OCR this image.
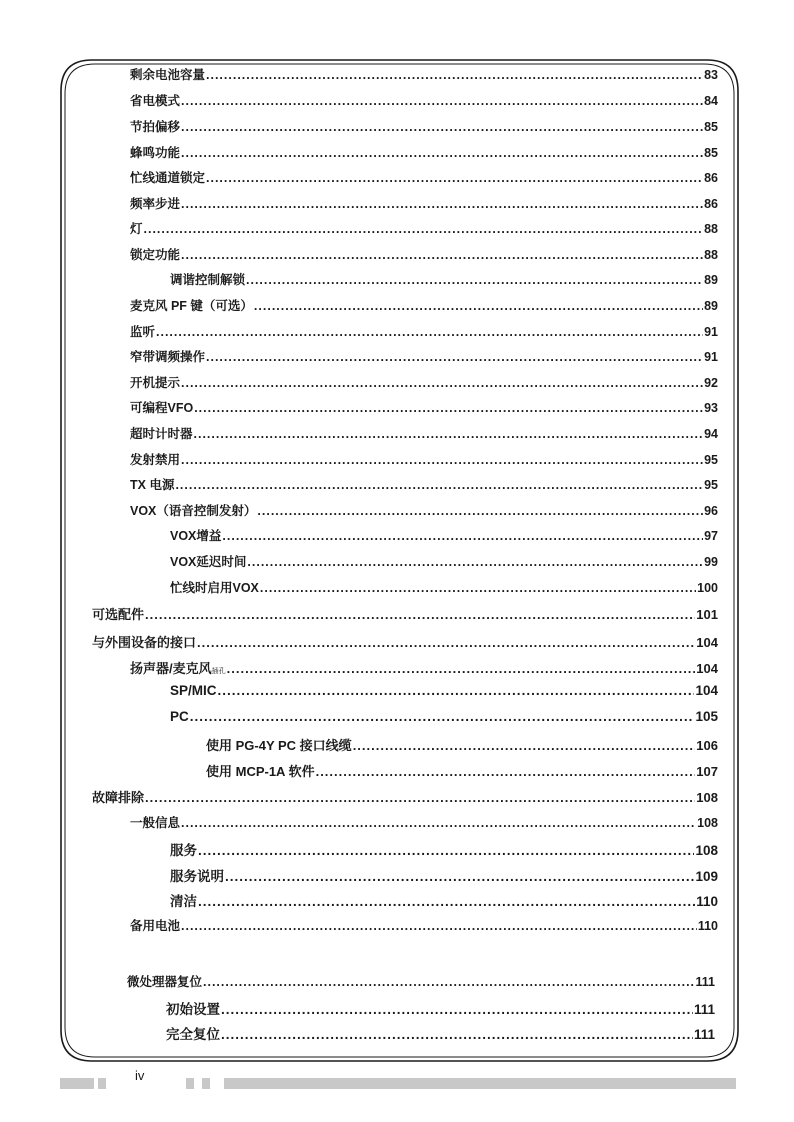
剩余电池容量 .....	83
省电模式 .....	84
节拍偏移 .....	85
蜂鸣功能 .....	85
忙线通道锁定 .....	86
频率步进 .....	86
灯 .....	88
锁定功能 .....	88
调谐控制解锁 .....	89
麦克风 PF 键（可选） .....	89
监听 .....	91
窄带调频操作 .....	91
开机提示 .....	92
可编程VFO .....	93
超时计时器 .....	94
发射禁用 .....	95
TX 电源 .....	95
VOX（语音控制发射） .....	96
VOX增益 .....	97
VOX延迟时间 .....	99
忙线时启用VOX .....	100
可选配件 .....	101
与外围设备的接口 .....	104
扬声器/麦克风插孔 .....	104
SP/MIC .....	104
PC .....	105
使用 PG-4Y PC 接口线缆 .....	106
使用 MCP-1A 软件 .....	107
故障排除 .....	108
一般信息 .....	108
服务 .....	108
服务说明 .....	109
清洁 .....	110
备用电池 .....	110
微处理器复位 .....	111
初始设置 .....	111
完全复位 .....	111
iv
